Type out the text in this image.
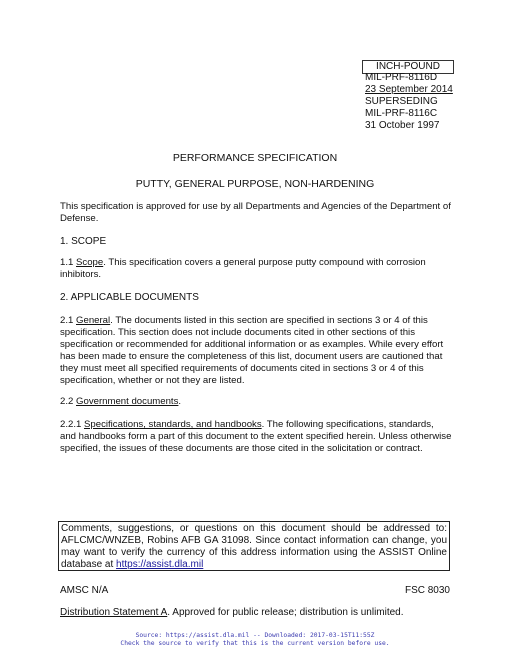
INCH-POUND
MIL-PRF-8116D
23 September 2014
SUPERSEDING
MIL-PRF-8116C
31 October 1997
PERFORMANCE SPECIFICATION
PUTTY, GENERAL PURPOSE, NON-HARDENING
This specification is approved for use by all Departments and Agencies of the Department of Defense.
1. SCOPE
1.1 Scope. This specification covers a general purpose putty compound with corrosion inhibitors.
2. APPLICABLE DOCUMENTS
2.1 General. The documents listed in this section are specified in sections 3 or 4 of this specification. This section does not include documents cited in other sections of this specification or recommended for additional information or as examples. While every effort has been made to ensure the completeness of this list, document users are cautioned that they must meet all specified requirements of documents cited in sections 3 or 4 of this specification, whether or not they are listed.
2.2 Government documents.
2.2.1 Specifications, standards, and handbooks. The following specifications, standards, and handbooks form a part of this document to the extent specified herein. Unless otherwise specified, the issues of these documents are those cited in the solicitation or contract.
Comments, suggestions, or questions on this document should be addressed to: AFLCMC/WNZEB, Robins AFB GA 31098. Since contact information can change, you may want to verify the currency of this address information using the ASSIST Online database at https://assist.dla.mil
AMSC N/A	FSC 8030
Distribution Statement A. Approved for public release; distribution is unlimited.
Source: https://assist.dla.mil -- Downloaded: 2017-03-15T11:55Z
Check the source to verify that this is the current version before use.
